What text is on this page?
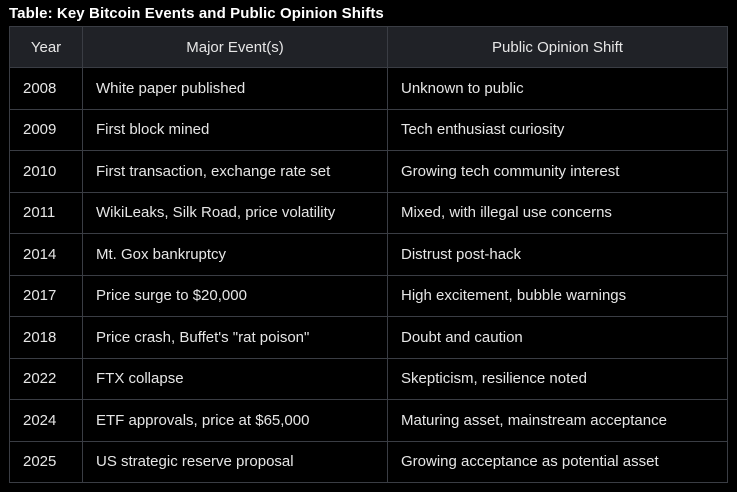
Table: Key Bitcoin Events and Public Opinion Shifts
Year	Major Event(s)	Public Opinion Shift
2008	White paper published	Unknown to public
2009	First block mined	Tech enthusiast curiosity
2010	First transaction, exchange rate set	Growing tech community interest
2011	WikiLeaks, Silk Road, price volatility	Mixed, with illegal use concerns
2014	Mt. Gox bankruptcy	Distrust post-hack
2017	Price surge to $20,000	High excitement, bubble warnings
2018	Price crash, Buffet's "rat poison"	Doubt and caution
2022	FTX collapse	Skepticism, resilience noted
2024	ETF approvals, price at $65,000	Maturing asset, mainstream acceptance
2025	US strategic reserve proposal	Growing acceptance as potential asset
